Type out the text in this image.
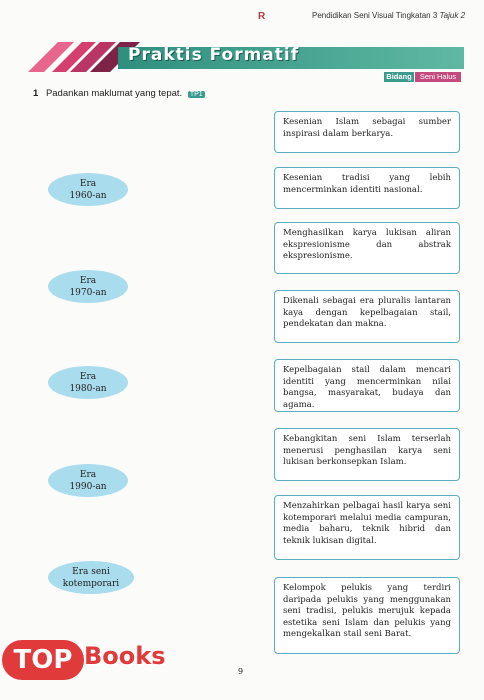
R	Pendidikan Seni Visual Tingkatan 3 Tajuk 2
Praktis Formatif
Bidang	Seni Halus
1 Padankan maklumat yang tepat. TP1
Era
1960-an
Era
1970-an
Era
1980-an
Era
1990-an
Era seni
kotemporari
Kesenian Islam sebagai sumber inspirasi dalam berkarya.
Kesenian tradisi yang lebih mencerminkan identiti nasional.
Menghasilkan karya lukisan aliran ekspresionisme dan abstrak ekspresionisme.
Dikenali sebagai era pluralis lantaran kaya dengan kepelbagaian stail, pendekatan dan makna.
Kepelbagaian stail dalam mencari identiti yang mencerminkan nilai bangsa, masyarakat, budaya dan agama.
Kebangkitan seni Islam terserlah menerusi penghasilan karya seni lukisan berkonsepkan Islam.
Menzahirkan pelbagai hasil karya seni kotemporari melalui media campuran, media baharu, teknik hibrid dan teknik lukisan digital.
Kelompok pelukis yang terdiri daripada pelukis yang menggunakan seni tradisi, pelukis merujuk kepada estetika seni Islam dan pelukis yang mengekalkan stail seni Barat.
9
TOP Books
